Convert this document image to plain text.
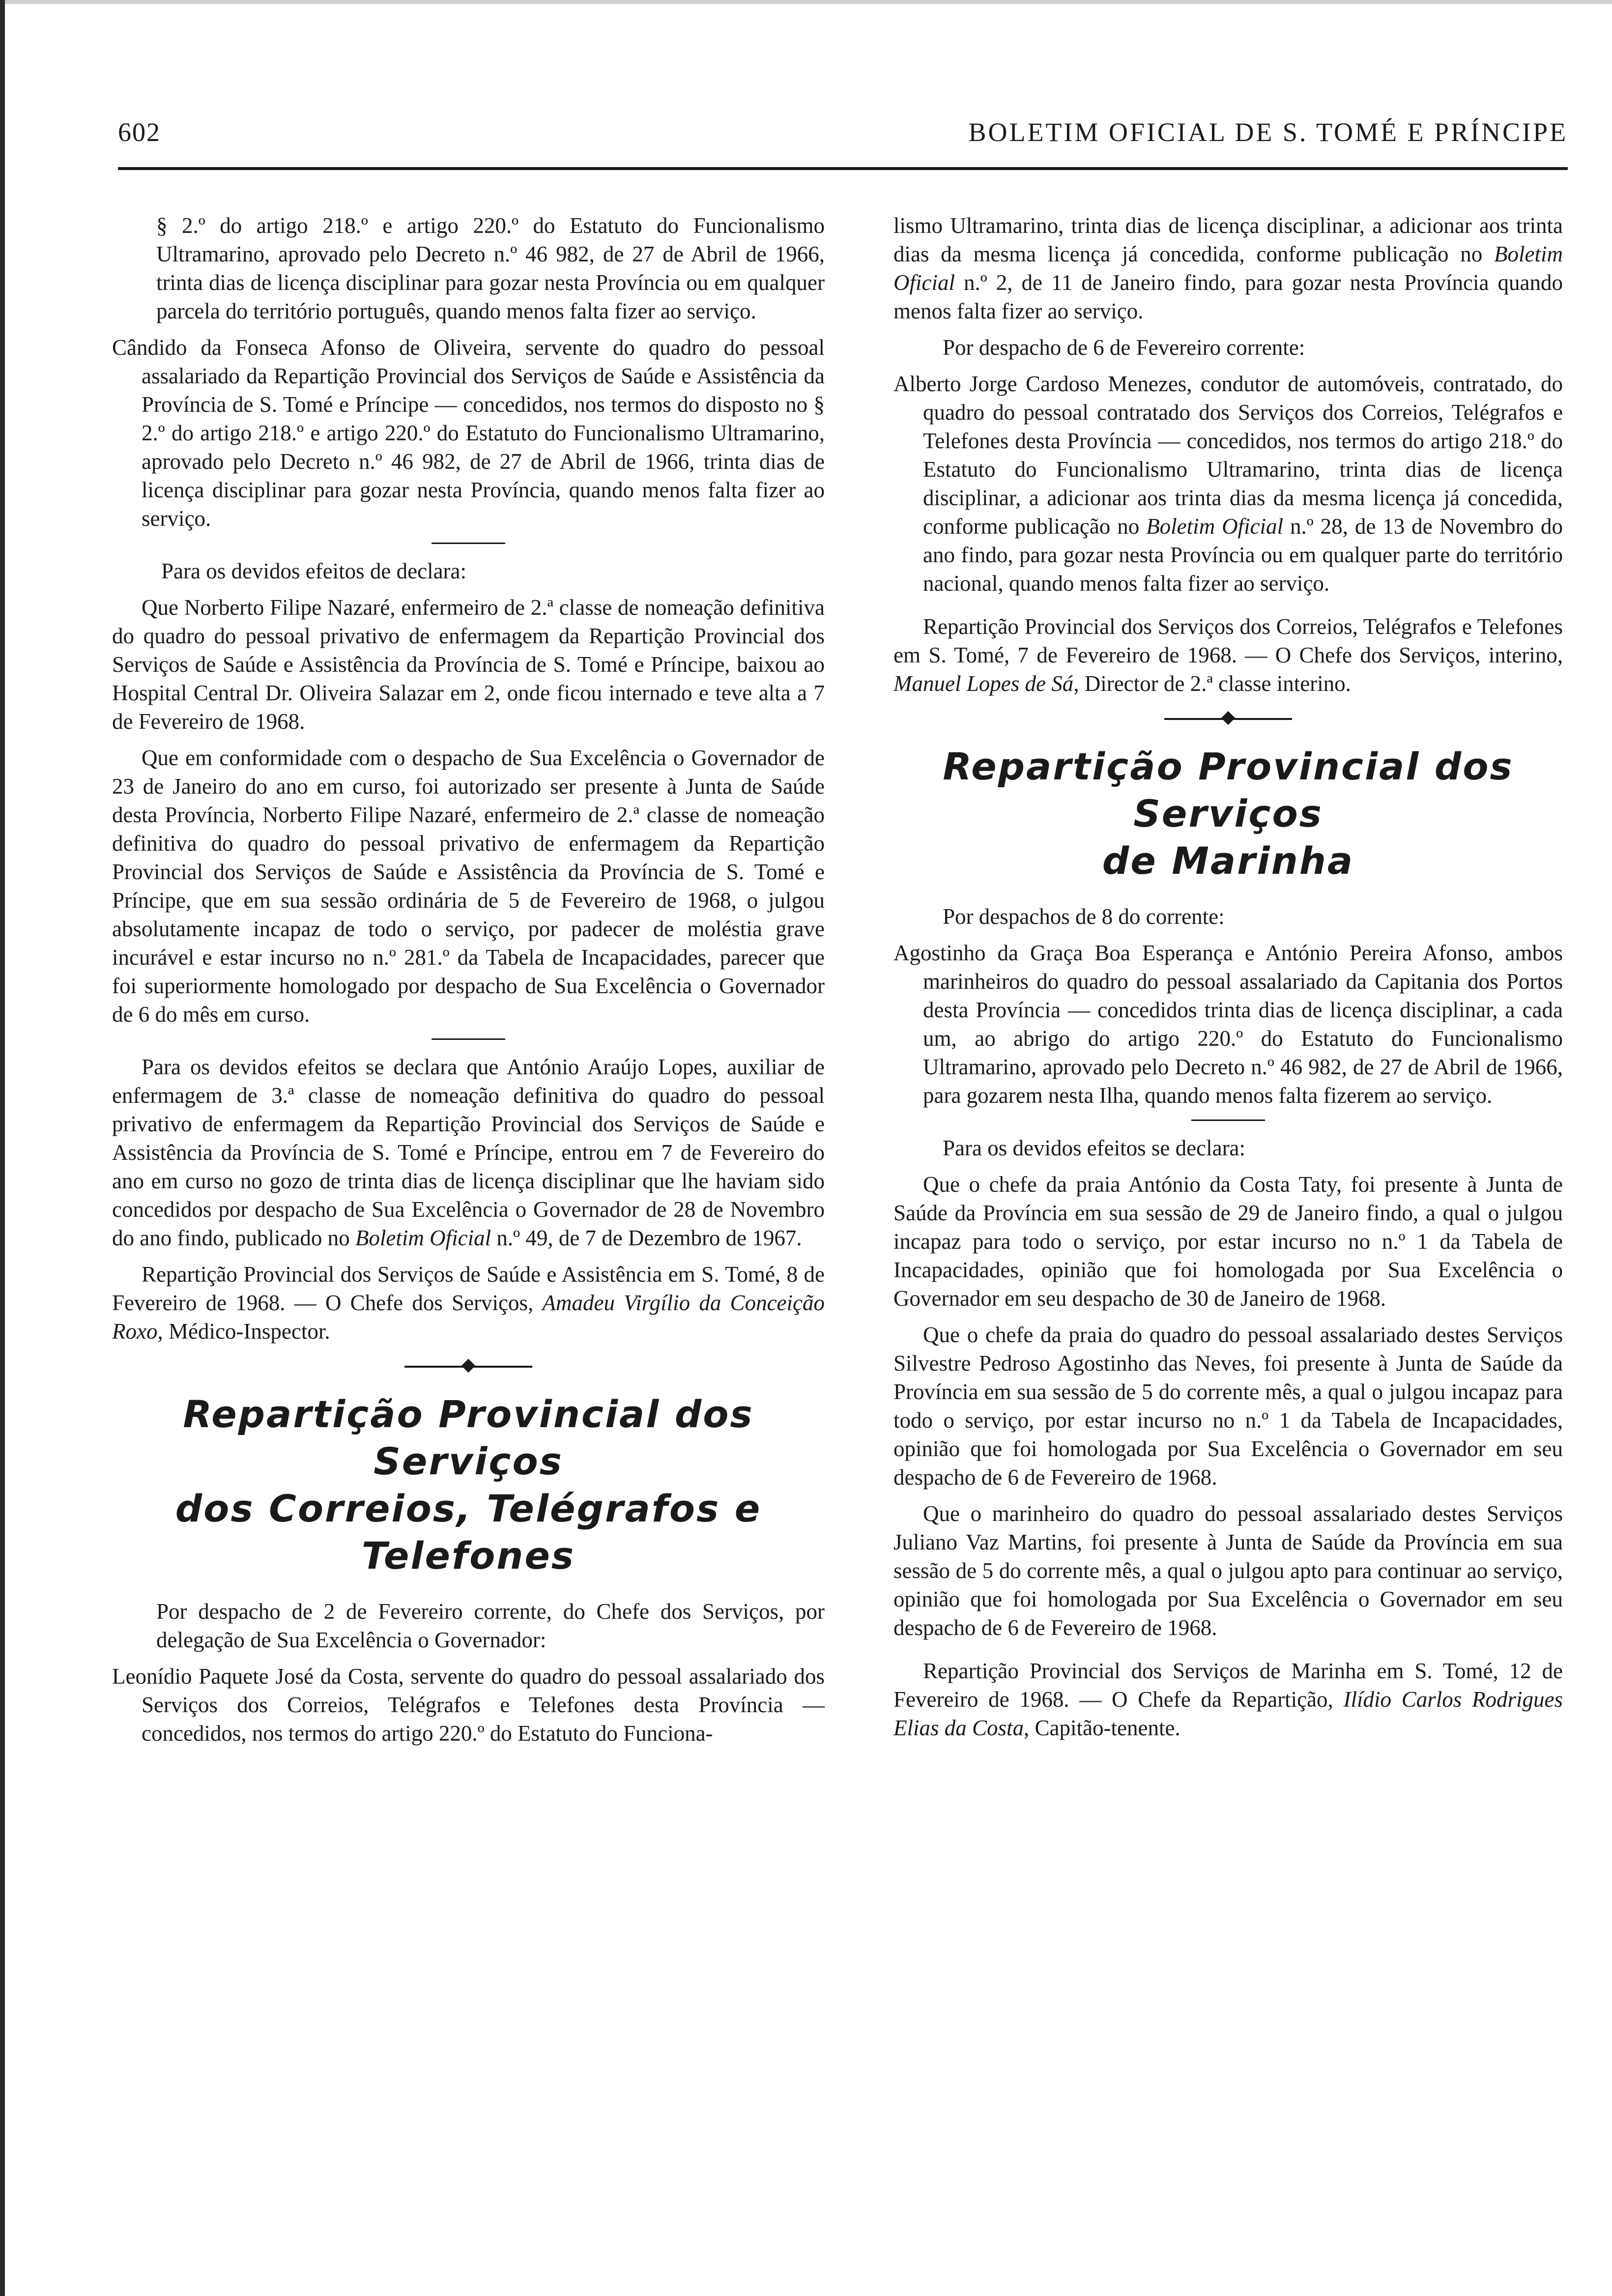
602	BOLETIM OFICIAL DE S. TOMÉ E PRÍNCIPE

§ 2.º do artigo 218.º e artigo 220.º do Estatuto do Funcionalismo Ultramarino, aprovado pelo Decreto n.º 46 982, de 27 de Abril de 1966, trinta dias de licença disciplinar para gozar nesta Província ou em qualquer parcela do território português, quando menos falta fizer ao serviço.

Cândido da Fonseca Afonso de Oliveira, servente do quadro do pessoal assalariado da Repartição Provincial dos Serviços de Saúde e Assistência da Província de S. Tomé e Príncipe — concedidos, nos termos do disposto no § 2.º do artigo 218.º e artigo 220.º do Estatuto do Funcionalismo Ultramarino, aprovado pelo Decreto n.º 46 982, de 27 de Abril de 1966, trinta dias de licença disciplinar para gozar nesta Província, quando menos falta fizer ao serviço.

Para os devidos efeitos de declara:

Que Norberto Filipe Nazaré, enfermeiro de 2.ª classe de nomeação definitiva do quadro do pessoal privativo de enfermagem da Repartição Provincial dos Serviços de Saúde e Assistência da Província de S. Tomé e Príncipe, baixou ao Hospital Central Dr. Oliveira Salazar em 2, onde ficou internado e teve alta a 7 de Fevereiro de 1968.

Que em conformidade com o despacho de Sua Excelência o Governador de 23 de Janeiro do ano em curso, foi autorizado ser presente à Junta de Saúde desta Província, Norberto Filipe Nazaré, enfermeiro de 2.ª classe de nomeação definitiva do quadro do pessoal privativo de enfermagem da Repartição Provincial dos Serviços de Saúde e Assistência da Província de S. Tomé e Príncipe, que em sua sessão ordinária de 5 de Fevereiro de 1968, o julgou absolutamente incapaz de todo o serviço, por padecer de moléstia grave incurável e estar incurso no n.º 281.º da Tabela de Incapacidades, parecer que foi superiormente homologado por despacho de Sua Excelência o Governador de 6 do mês em curso.

Para os devidos efeitos se declara que António Araújo Lopes, auxiliar de enfermagem de 3.ª classe de nomeação definitiva do quadro do pessoal privativo de enfermagem da Repartição Provincial dos Serviços de Saúde e Assistência da Província de S. Tomé e Príncipe, entrou em 7 de Fevereiro do ano em curso no gozo de trinta dias de licença disciplinar que lhe haviam sido concedidos por despacho de Sua Excelência o Governador de 28 de Novembro do ano findo, publicado no Boletim Oficial n.º 49, de 7 de Dezembro de 1967.

Repartição Provincial dos Serviços de Saúde e Assistência em S. Tomé, 8 de Fevereiro de 1968. — O Chefe dos Serviços, Amadeu Virgílio da Conceição Roxo, Médico-Inspector.

Repartição Provincial dos Serviços
dos Correios, Telégrafos e Telefones

Por despacho de 2 de Fevereiro corrente, do Chefe dos Serviços, por delegação de Sua Excelência o Governador:

Leonídio Paquete José da Costa, servente do quadro do pessoal assalariado dos Serviços dos Correios, Telégrafos e Telefones desta Província — concedidos, nos termos do artigo 220.º do Estatuto do Funciona-

lismo Ultramarino, trinta dias de licença disciplinar, a adicionar aos trinta dias da mesma licença já concedida, conforme publicação no Boletim Oficial n.º 2, de 11 de Janeiro findo, para gozar nesta Província quando menos falta fizer ao serviço.

Por despacho de 6 de Fevereiro corrente:

Alberto Jorge Cardoso Menezes, condutor de automóveis, contratado, do quadro do pessoal contratado dos Serviços dos Correios, Telégrafos e Telefones desta Província — concedidos, nos termos do artigo 218.º do Estatuto do Funcionalismo Ultramarino, trinta dias de licença disciplinar, a adicionar aos trinta dias da mesma licença já concedida, conforme publicação no Boletim Oficial n.º 28, de 13 de Novembro do ano findo, para gozar nesta Província ou em qualquer parte do território nacional, quando menos falta fizer ao serviço.

Repartição Provincial dos Serviços dos Correios, Telégrafos e Telefones em S. Tomé, 7 de Fevereiro de 1968. — O Chefe dos Serviços, interino, Manuel Lopes de Sá, Director de 2.ª classe interino.

Repartição Provincial dos Serviços
de Marinha

Por despachos de 8 do corrente:

Agostinho da Graça Boa Esperança e António Pereira Afonso, ambos marinheiros do quadro do pessoal assalariado da Capitania dos Portos desta Província — concedidos trinta dias de licença disciplinar, a cada um, ao abrigo do artigo 220.º do Estatuto do Funcionalismo Ultramarino, aprovado pelo Decreto n.º 46 982, de 27 de Abril de 1966, para gozarem nesta Ilha, quando menos falta fizerem ao serviço.

Para os devidos efeitos se declara:

Que o chefe da praia António da Costa Taty, foi presente à Junta de Saúde da Província em sua sessão de 29 de Janeiro findo, a qual o julgou incapaz para todo o serviço, por estar incurso no n.º 1 da Tabela de Incapacidades, opinião que foi homologada por Sua Excelência o Governador em seu despacho de 30 de Janeiro de 1968.

Que o chefe da praia do quadro do pessoal assalariado destes Serviços Silvestre Pedroso Agostinho das Neves, foi presente à Junta de Saúde da Província em sua sessão de 5 do corrente mês, a qual o julgou incapaz para todo o serviço, por estar incurso no n.º 1 da Tabela de Incapacidades, opinião que foi homologada por Sua Excelência o Governador em seu despacho de 6 de Fevereiro de 1968.

Que o marinheiro do quadro do pessoal assalariado destes Serviços Juliano Vaz Martins, foi presente à Junta de Saúde da Província em sua sessão de 5 do corrente mês, a qual o julgou apto para continuar ao serviço, opinião que foi homologada por Sua Excelência o Governador em seu despacho de 6 de Fevereiro de 1968.

Repartição Provincial dos Serviços de Marinha em S. Tomé, 12 de Fevereiro de 1968. — O Chefe da Repartição, Ilídio Carlos Rodrigues Elias da Costa, Capitão-tenente.
